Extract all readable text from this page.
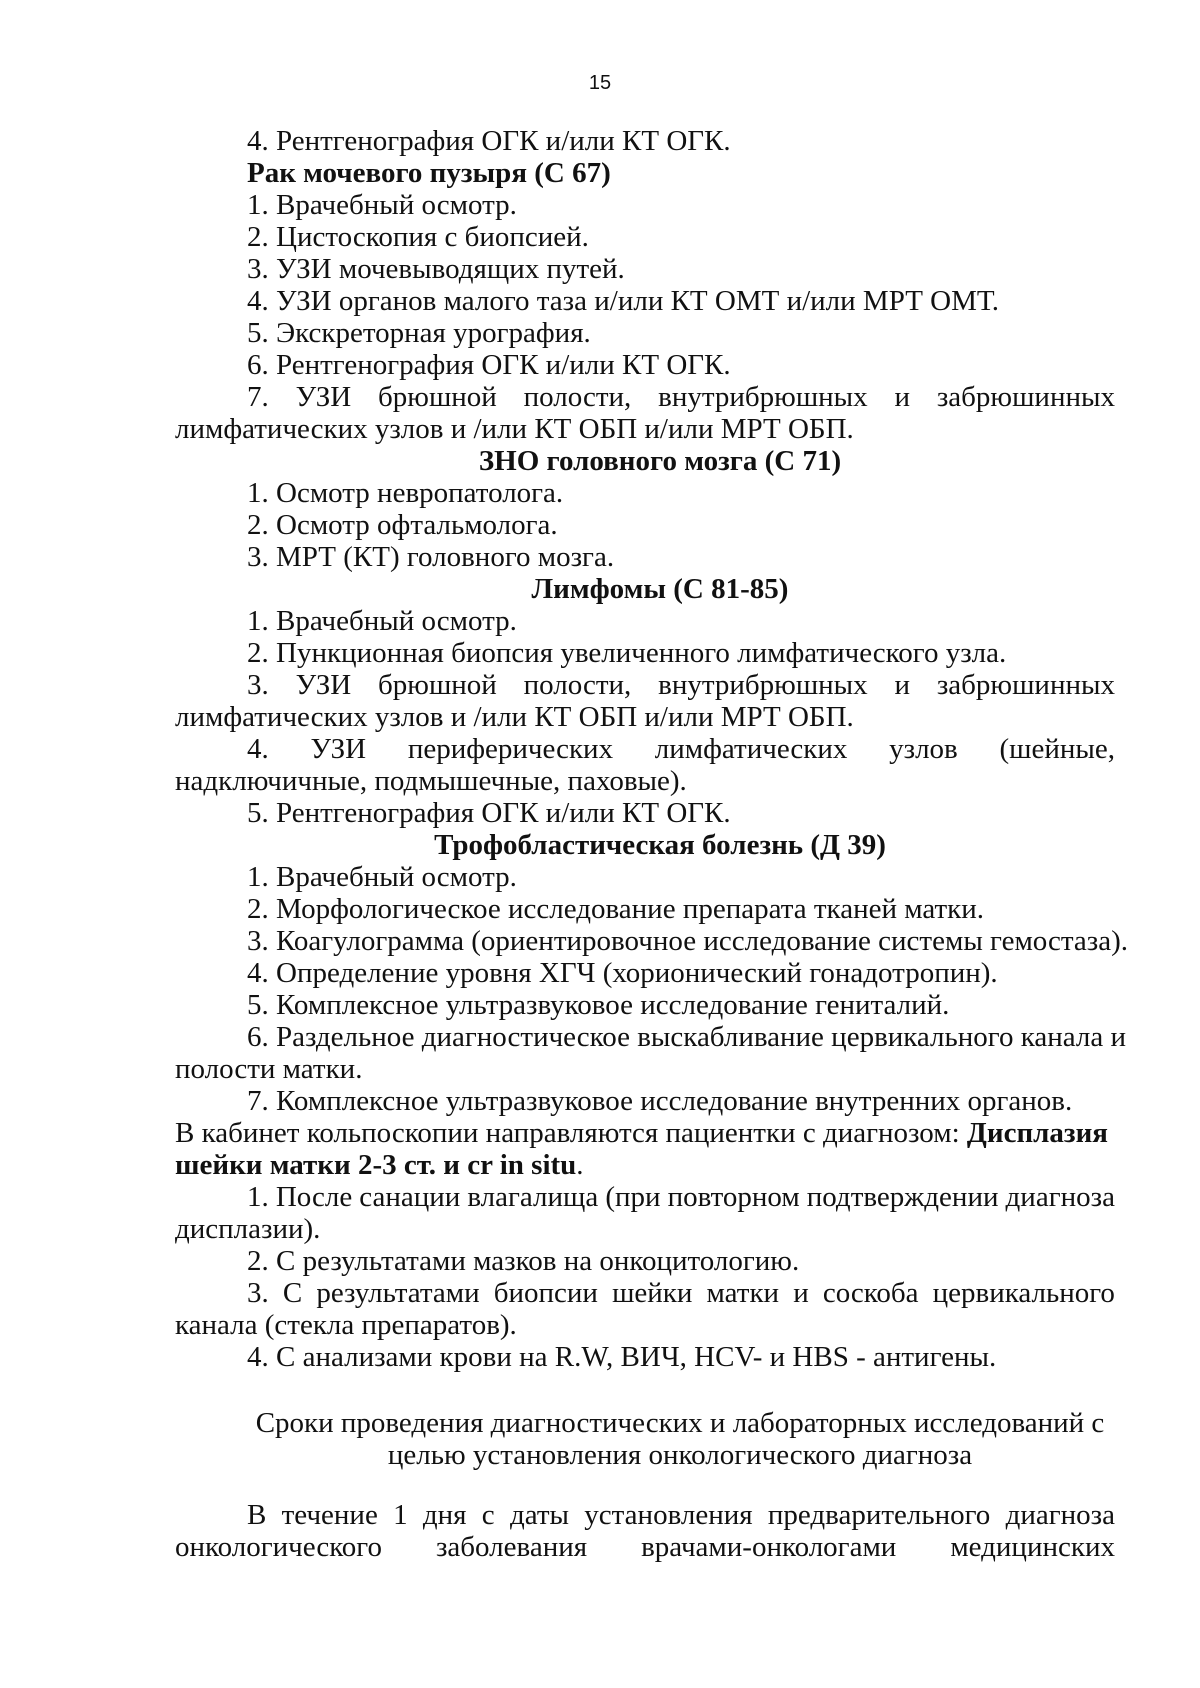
15
4. Рентгенография ОГК и/или КТ ОГК.
Рак мочевого пузыря (С 67)
1. Врачебный осмотр.
2. Цистоскопия с биопсией.
3. УЗИ мочевыводящих путей.
4. УЗИ органов малого таза и/или КТ ОМТ и/или МРТ ОМТ.
5. Экскреторная урография.
6. Рентгенография ОГК и/или КТ ОГК.
7. УЗИ брюшной полости, внутрибрюшных и забрюшинных
лимфатических узлов и /или КТ ОБП и/или МРТ ОБП.
ЗНО головного мозга (С 71)
1. Осмотр невропатолога.
2. Осмотр офтальмолога.
3. МРТ (КТ) головного мозга.
Лимфомы (С 81-85)
1. Врачебный осмотр.
2. Пункционная биопсия увеличенного лимфатического узла.
3. УЗИ брюшной полости, внутрибрюшных и забрюшинных
лимфатических узлов и /или КТ ОБП и/или МРТ ОБП.
4. УЗИ периферических лимфатических узлов (шейные,
надключичные, подмышечные, паховые).
5. Рентгенография ОГК и/или КТ ОГК.
Трофобластическая болезнь (Д 39)
1. Врачебный осмотр.
2. Морфологическое исследование препарата тканей матки.
3. Коагулограмма (ориентировочное исследование системы гемостаза).
4. Определение уровня ХГЧ (хорионический гонадотропин).
5. Комплексное ультразвуковое исследование гениталий.
6. Раздельное диагностическое выскабливание цервикального канала и
полости матки.
7. Комплексное ультразвуковое исследование внутренних органов.
В кабинет кольпоскопии направляются пациентки с диагнозом: Дисплазия
шейки матки 2-3 ст. и cr in situ.
1. После санации влагалища (при повторном подтверждении диагноза
дисплазии).
2. С результатами мазков на онкоцитологию.
3. С результатами биопсии шейки матки и соскоба цервикального
канала (стекла препаратов).
4. С анализами крови на R.W, ВИЧ, HCV- и HBS - антигены.
Сроки проведения диагностических и лабораторных исследований с
целью установления онкологического диагноза
В течение 1 дня с даты установления предварительного диагноза
онкологического заболевания врачами-онкологами медицинских
